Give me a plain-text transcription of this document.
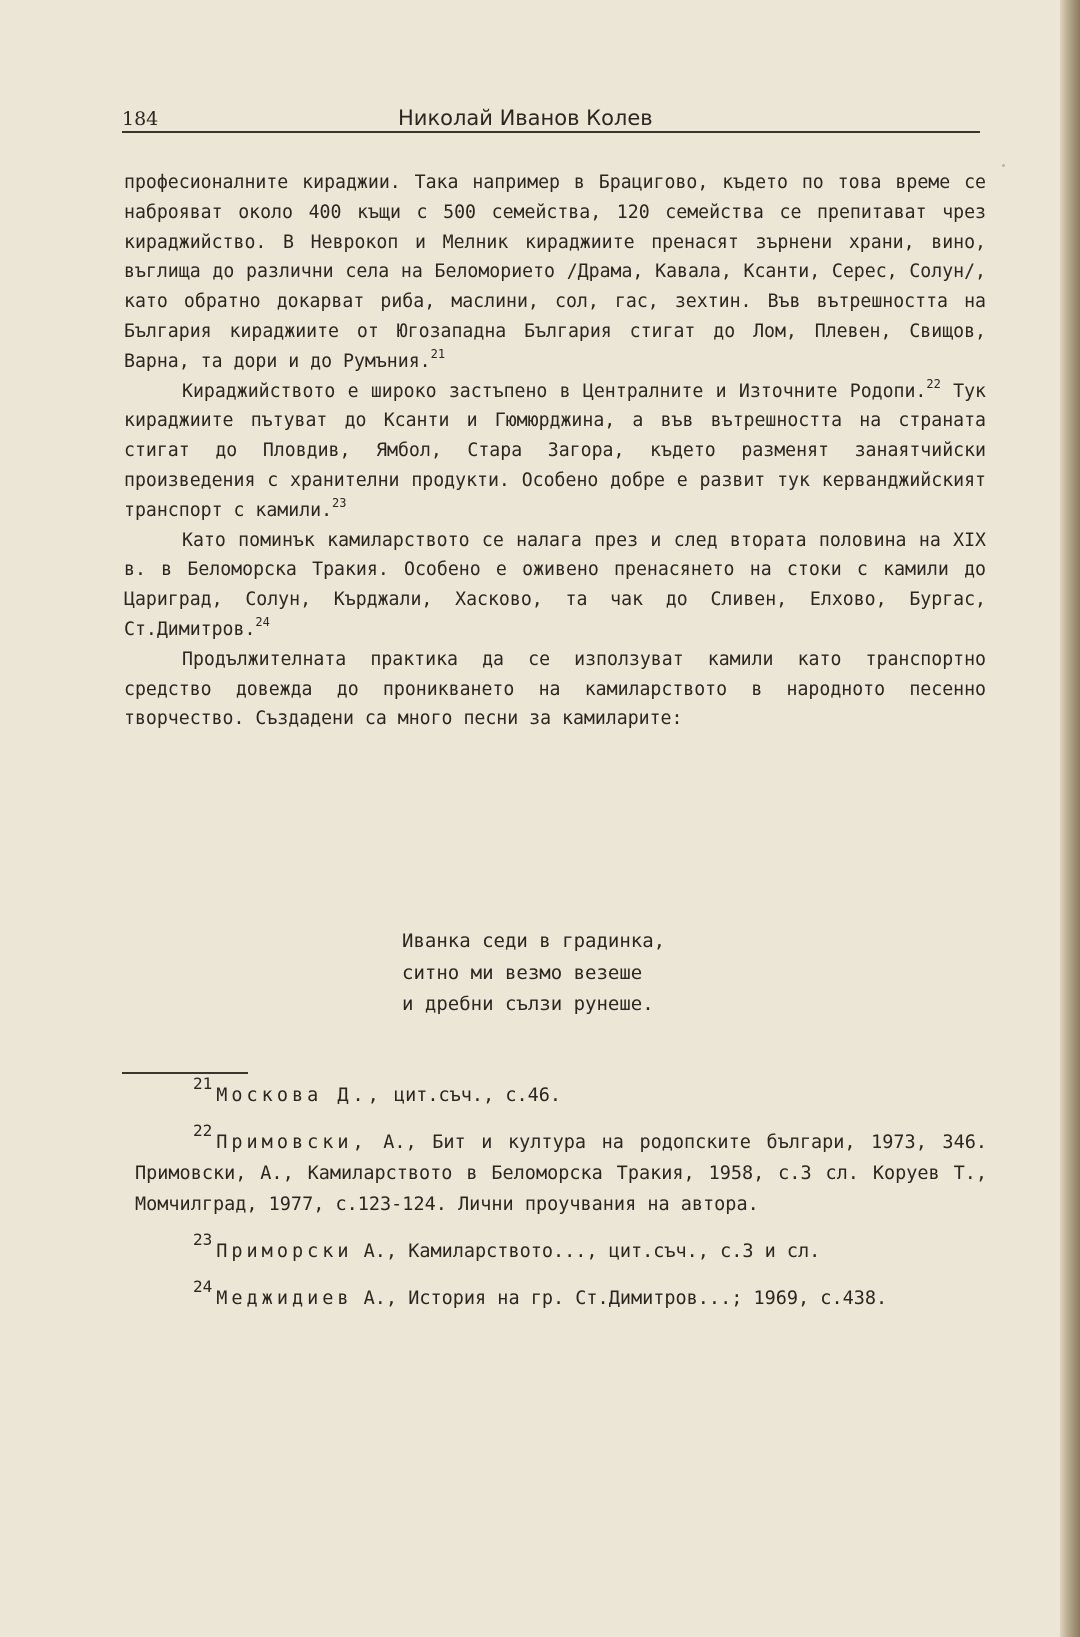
184	Николай Иванов Колев

професионалните кираджии. Така например в Брацигово, където по това време се наброяват около 400 къщи с 500 семейства, 120 семейства се препитават чрез кираджийство. В Неврокоп и Мелник кираджиите пренасят зърнени храни, вино, въглища до различни села на Беломорието /Драма, Кавала, Ксанти, Серес, Солун/, като обратно докарват риба, маслини, сол, гас, зехтин. Във вътрешността на България кираджиите от Югозападна България стигат до Лом, Плевен, Свищов, Варна, та дори и до Румъния.$^{21}$

Кираджийството е широко застъпено в Централните и Източните Родопи.$^{22}$ Тук кираджиите пътуват до Ксанти и Гюмюрджина, а във вътрешността на страната стигат до Пловдив, Ямбол, Стара Загора, където разменят занаятчийски произведения с хранителни продукти. Особено добре е развит тук керванджийският транспорт с камили.$^{23}$

Като поминък камиларството се налага през и след втората половина на XIX в. в Беломорска Тракия. Особено е оживено пренасянето на стоки с камили до Цариград, Солун, Кърджали, Хасково, та чак до Сливен, Елхово, Бургас, Ст.Димитров.$^{24}$

Продължителната практика да се използуват камили като транспортно средство довежда до проникването на камиларството в народното песенно творчество. Създадени са много песни за камиларите:

Иванка седи в градинка,
ситно ми везмо везеше
и дребни сълзи рунеше.

21Москова Д., цит.съч., с.46.

22Примовски, А., Бит и култура на родопските българи, 1973, 346. Примовски, А., Камиларството в Беломорска Тракия, 1958, с.3 сл. Коруев Т., Момчилград, 1977, с.123-124. Лични проучвания на автора.

23Приморски А., Камиларството..., цит.съч., с.3 и сл.

24Меджидиев А., История на гр. Ст.Димитров...; 1969, с.438.
